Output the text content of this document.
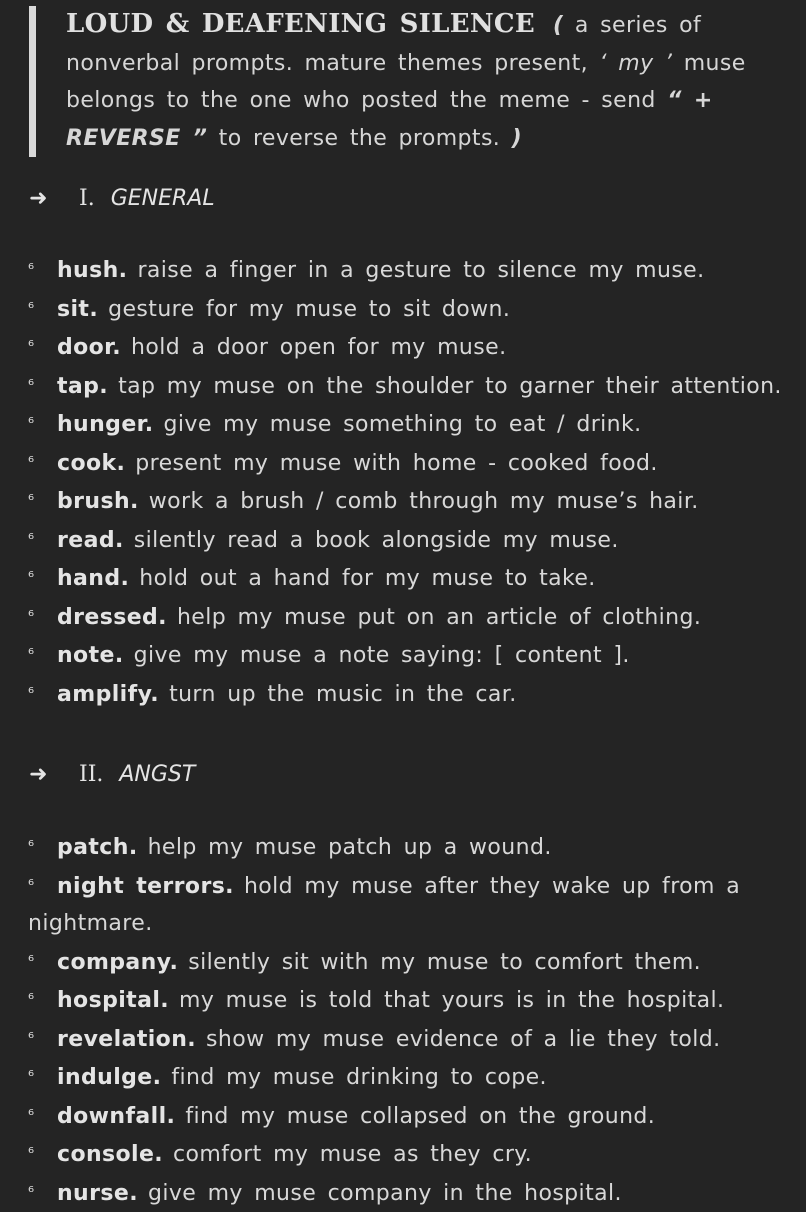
LOUD & DEAFENING SILENCE ( a series of nonverbal prompts. mature themes present, ‘ my ’ muse belongs to the one who posted the meme - send “ + REVERSE ” to reverse the prompts. )
➜ I. GENERAL
⁶ hush. raise a finger in a gesture to silence my muse.
⁶ sit. gesture for my muse to sit down.
⁶ door. hold a door open for my muse.
⁶ tap. tap my muse on the shoulder to garner their attention.
⁶ hunger. give my muse something to eat / drink.
⁶ cook. present my muse with home - cooked food.
⁶ brush. work a brush / comb through my muse’s hair.
⁶ read. silently read a book alongside my muse.
⁶ hand. hold out a hand for my muse to take.
⁶ dressed. help my muse put on an article of clothing.
⁶ note. give my muse a note saying: [ content ].
⁶ amplify. turn up the music in the car.
➜ II. ANGST
⁶ patch. help my muse patch up a wound.
⁶ night terrors. hold my muse after they wake up from a nightmare.
⁶ company. silently sit with my muse to comfort them.
⁶ hospital. my muse is told that yours is in the hospital.
⁶ revelation. show my muse evidence of a lie they told.
⁶ indulge. find my muse drinking to cope.
⁶ downfall. find my muse collapsed on the ground.
⁶ console. comfort my muse as they cry.
⁶ nurse. give my muse company in the hospital.
